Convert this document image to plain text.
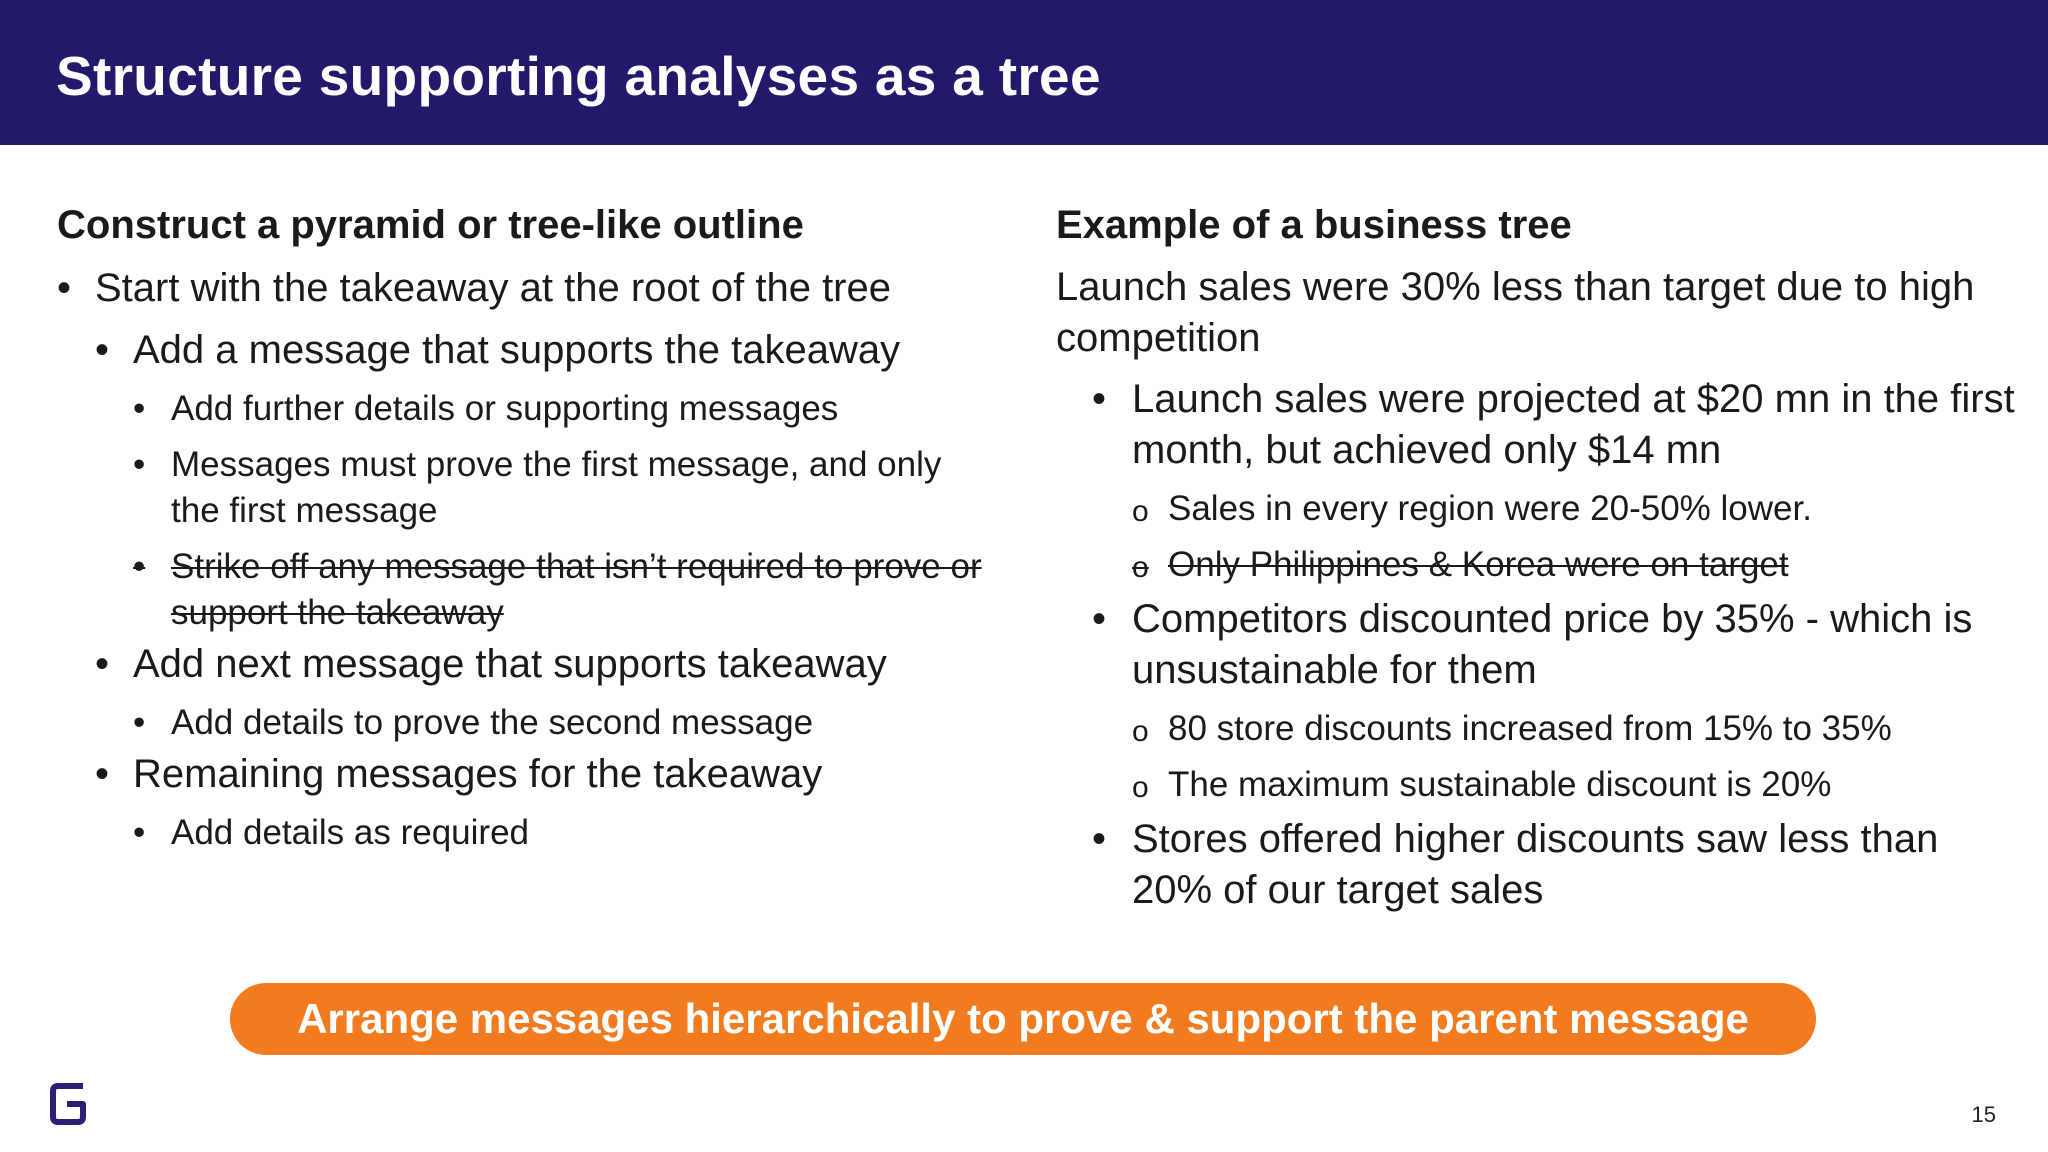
Structure supporting analyses as a tree
Construct a pyramid or tree-like outline
• Start with the takeaway at the root of the tree
• Add a message that supports the takeaway
• Add further details or supporting messages
• Messages must prove the first message, and only the first message
• Strike off any message that isn’t required to prove or support the takeaway
• Add next message that supports takeaway
• Add details to prove the second message
• Remaining messages for the takeaway
• Add details as required
Example of a business tree
Launch sales were 30% less than target due to high competition
• Launch sales were projected at $20 mn in the first month, but achieved only $14 mn
o Sales in every region were 20-50% lower.
o Only Philippines & Korea were on target
• Competitors discounted price by 35% - which is unsustainable for them
o 80 store discounts increased from 15% to 35%
o The maximum sustainable discount is 20%
• Stores offered higher discounts saw less than 20% of our target sales
Arrange messages hierarchically to prove & support the parent message
15
